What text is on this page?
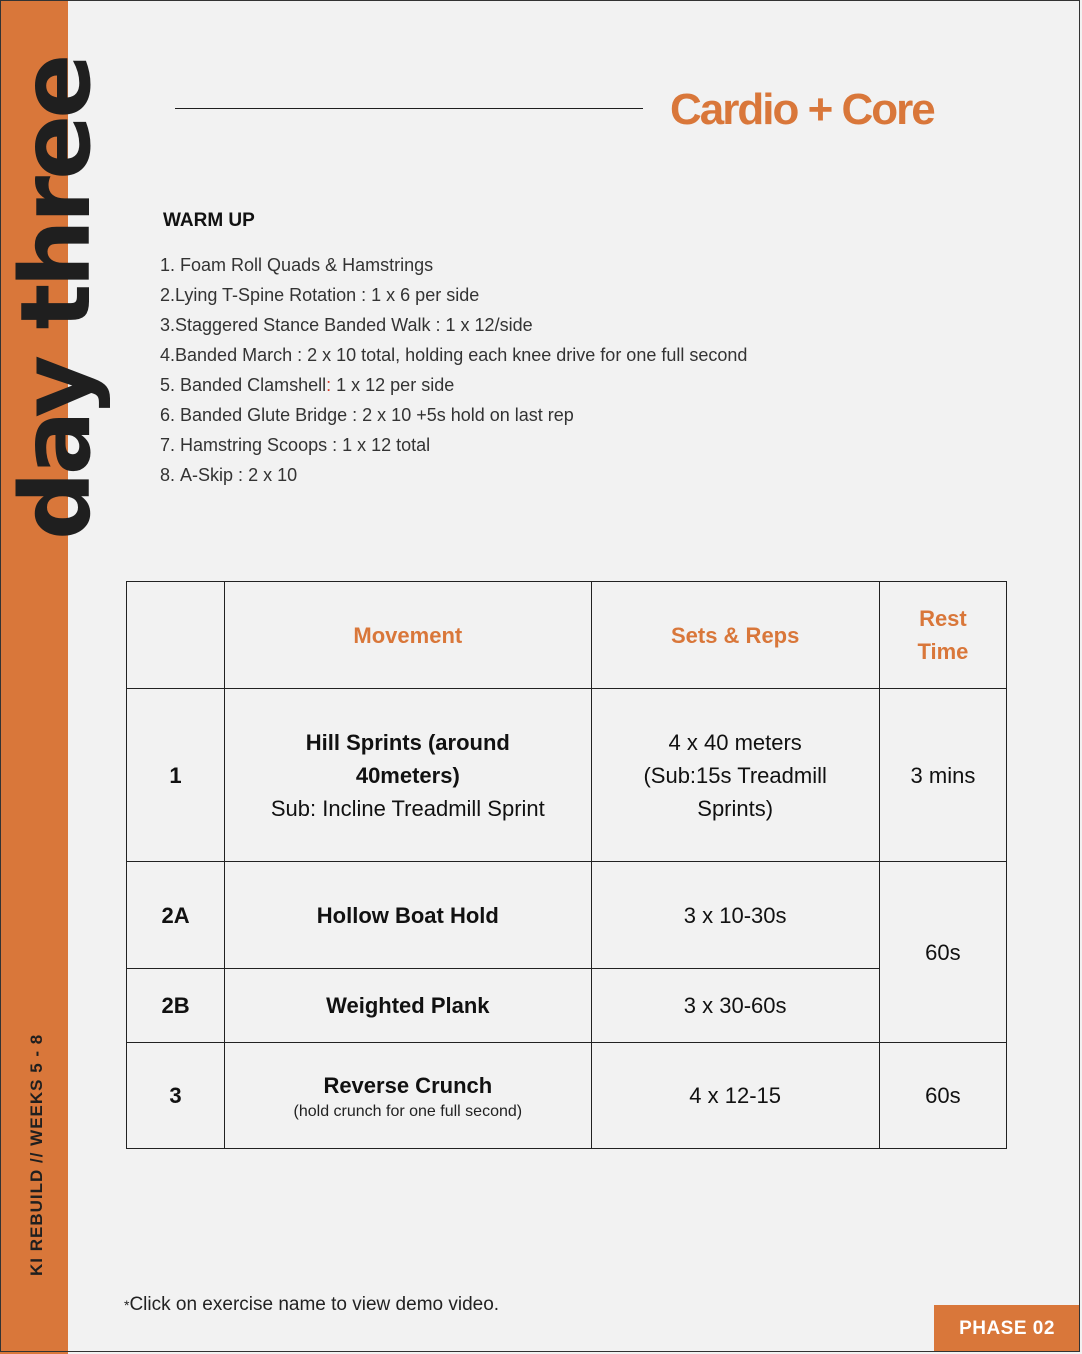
day three
KI REBUILD // WEEKS 5 - 8
Cardio + Core
WARM UP
1. Foam Roll Quads & Hamstrings
2.Lying T-Spine Rotation : 1 x 6 per side
3.Staggered Stance Banded Walk : 1 x 12/side
4.Banded March : 2 x 10 total, holding each knee drive for one full second
5. Banded Clamshell: 1 x 12 per side
6. Banded Glute Bridge : 2 x 10 +5s hold on last rep
7. Hamstring Scoops : 1 x 12 total
8. A-Skip : 2 x 10
	Movement	Sets & Reps	Rest
Time
1	Hill Sprints (around
40meters)
Sub: Incline Treadmill Sprint	4 x 40 meters
(Sub:15s Treadmill
Sprints)	3 mins
2A	Hollow Boat Hold	3 x 10-30s	60s
2B	Weighted Plank	3 x 30-60s	
3	Reverse Crunch
(hold crunch for one full second)	4 x 12-15	60s
*Click on exercise name to view demo video.
PHASE 02
